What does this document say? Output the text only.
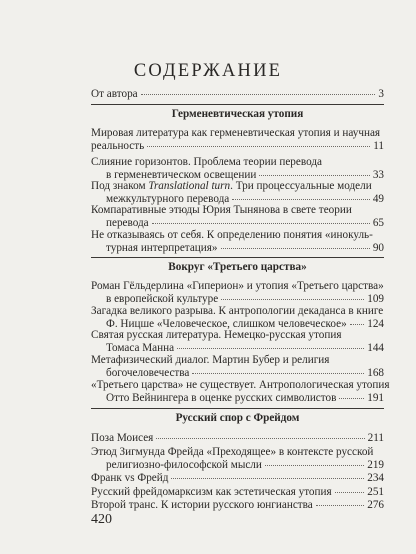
СОДЕРЖАНИЕ
От автора	3
Герменевтическая утопия
Мировая литература как герменевтическая утопия и научная
реальность	11
Слияние горизонтов. Проблема теории перевода
в герменевтическом освещении	33
Под знаком Translational turn. Три процессуальные модели
межкультурного перевода	49
Компаративные этюды Юрия Тынянова в свете теории
перевода	65
Не отказываясь от себя. К определению понятия «инокуль-
турная интерпретация»	90
Вокруг «Третьего царства»
Роман Гёльдерлина «Гиперион» и утопия «Третьего царства»
в европейской культуре	109
Загадка великого разрыва. К антропологии декаданса в книге
Ф. Ницше «Человеческое, слишком человеческое» 124
Святая русская литература. Немецко-русская утопия
Томаса Манна	144
Метафизический диалог. Мартин Бубер и религия
богочеловечества	168
«Третьего царства» не существует. Антропологическая утопия
Отто Вейнингера в оценке русских символистов	191
Русский спор с Фрейдом
Поза Моисея	211
Этюд Зигмунда Фрейда «Преходящее» в контексте русской
религиозно-философской мысли	219
Франк vs Фрейд	234
Русский фрейдомарксизм как эстетическая утопия	251
Второй транс. К истории русского юнгианства	276
420
